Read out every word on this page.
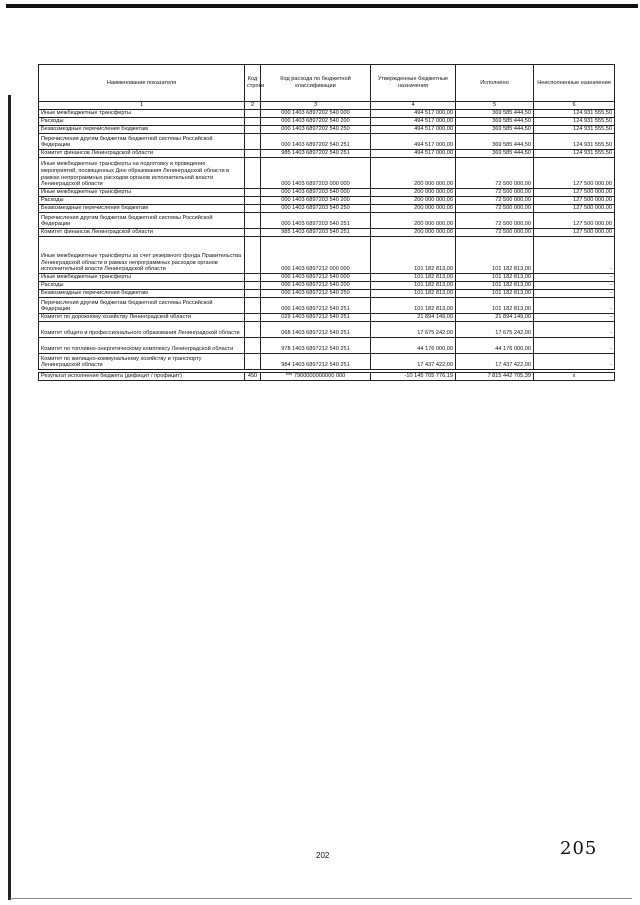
Наименование показателя	Код строки	Код расхода по бюджетной классификации	Утвержденные бюджетные назначения	Исполнено	Неисполненные назначения
1	2	3	4	5	6
Иные межбюджетные трансферты		000 1403 6897202 540 000	494 517 000,00	369 585 444,50	124 931 555,50
Расходы		000 1403 6897202 540 200	494 517 000,00	369 585 444,50	124 931 555,50
Безвозмездные перечисления бюджетам		000 1403 6897202 540 250	494 517 000,00	369 585 444,50	124 931 555,50
Перечисления другим бюджетам бюджетной системы Российской Федерации		000 1403 6897202 540 251	494 517 000,00	369 585 444,50	124 931 555,50
Комитет финансов Ленинградской области		985 1403 6897202 540 251	494 517 000,00	369 585 444,50	124 931 555,50
Иные межбюджетные трансферты на подготовку и проведение мероприятий, посвященных Дню образования Ленинградской области в рамках непрограммных расходов органов исполнительной власти Ленинградской области		000 1403 6897203 000 000	200 000 000,00	72 500 000,00	127 500 000,00
Иные межбюджетные трансферты		000 1403 6897203 540 000	200 000 000,00	72 500 000,00	127 500 000,00
Расходы		000 1403 6897203 540 200	200 000 000,00	72 500 000,00	127 500 000,00
Безвозмездные перечисления бюджетам		000 1403 6897203 540 250	200 000 000,00	72 500 000,00	127 500 000,00
Перечисления другим бюджетам бюджетной системы Российской Федерации		000 1403 6897203 540 251	200 000 000,00	72 500 000,00	127 500 000,00
Комитет финансов Ленинградской области		985 1403 6897203 540 251	200 000 000,00	72 500 000,00	127 500 000,00
Иные межбюджетные трансферты за счет резервного фонда Правительства Ленинградской области в рамках непрограммных расходов органов исполнительной власти Ленинградской области		000 1403 6897212 000 000	101 182 813,00	101 182 813,00	-
Иные межбюджетные трансферты		000 1403 6897212 540 000	101 182 813,00	101 182 813,00	-
Расходы		000 1403 6897212 540 200	101 182 813,00	101 182 813,00	-
Безвозмездные перечисления бюджетам		000 1403 6897212 540 250	101 182 813,00	101 182 813,00	-
Перечисления другим бюджетам бюджетной системы Российской Федерации		000 1403 6897212 540 251	101 182 813,00	101 182 813,00	-
Комитет по дорожному хозяйству Ленинградской области		029 1403 6897212 540 251	21 894 149,00	21 894 149,00	-
Комитет общего и профессионального образования Ленинградской области		068 1403 6897212 540 251	17 675 242,00	17 675 242,00	-
Комитет по топливно-энергетическому комплексу Ленинградской области		978 1403 6897212 540 251	44 176 000,00	44 176 000,00	-
Комитет по жилищно-коммунальному хозяйству и транспорту Ленинградской области		984 1403 6897212 540 251	17 437 422,00	17 437 422,00	-

Результат исполнения бюджета (дефицит / профицит)	450	*** 7900000000000 000	-10 145 705 776,19	7 815 442 705,39	x
202	205
